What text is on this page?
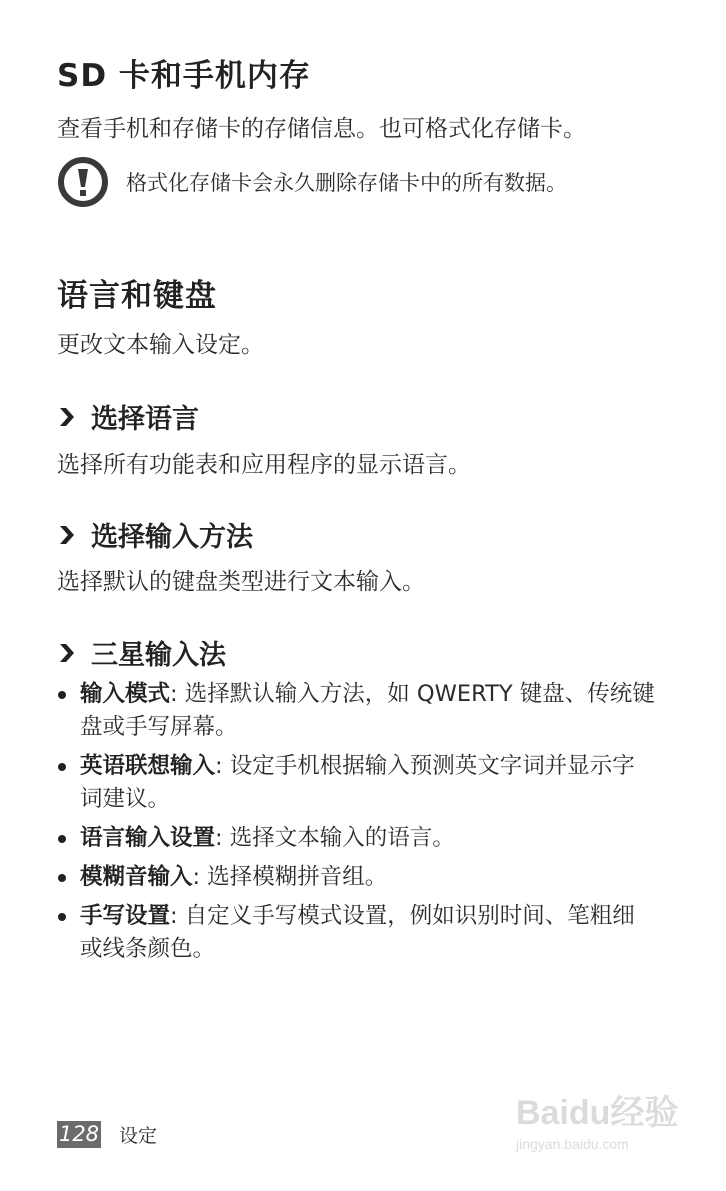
SD 卡和手机内存
查看手机和存储卡的存储信息。也可格式化存储卡。
格式化存储卡会永久删除存储卡中的所有数据。
语言和键盘
更改文本输入设定。
选择语言
选择所有功能表和应用程序的显示语言。
选择输入方法
选择默认的键盘类型进行文本输入。
三星输入法
输入模式: 选择默认输入方法，如 QWERTY 键盘、传统键盘或手写屏幕。
英语联想输入: 设定手机根据输入预测英文字词并显示字词建议。
语言输入设置: 选择文本输入的语言。
模糊音输入: 选择模糊拼音组。
手写设置: 自定义手写模式设置，例如识别时间、笔粗细或线条颜色。
128 设定
Baidu经验
jingyan.baidu.com
